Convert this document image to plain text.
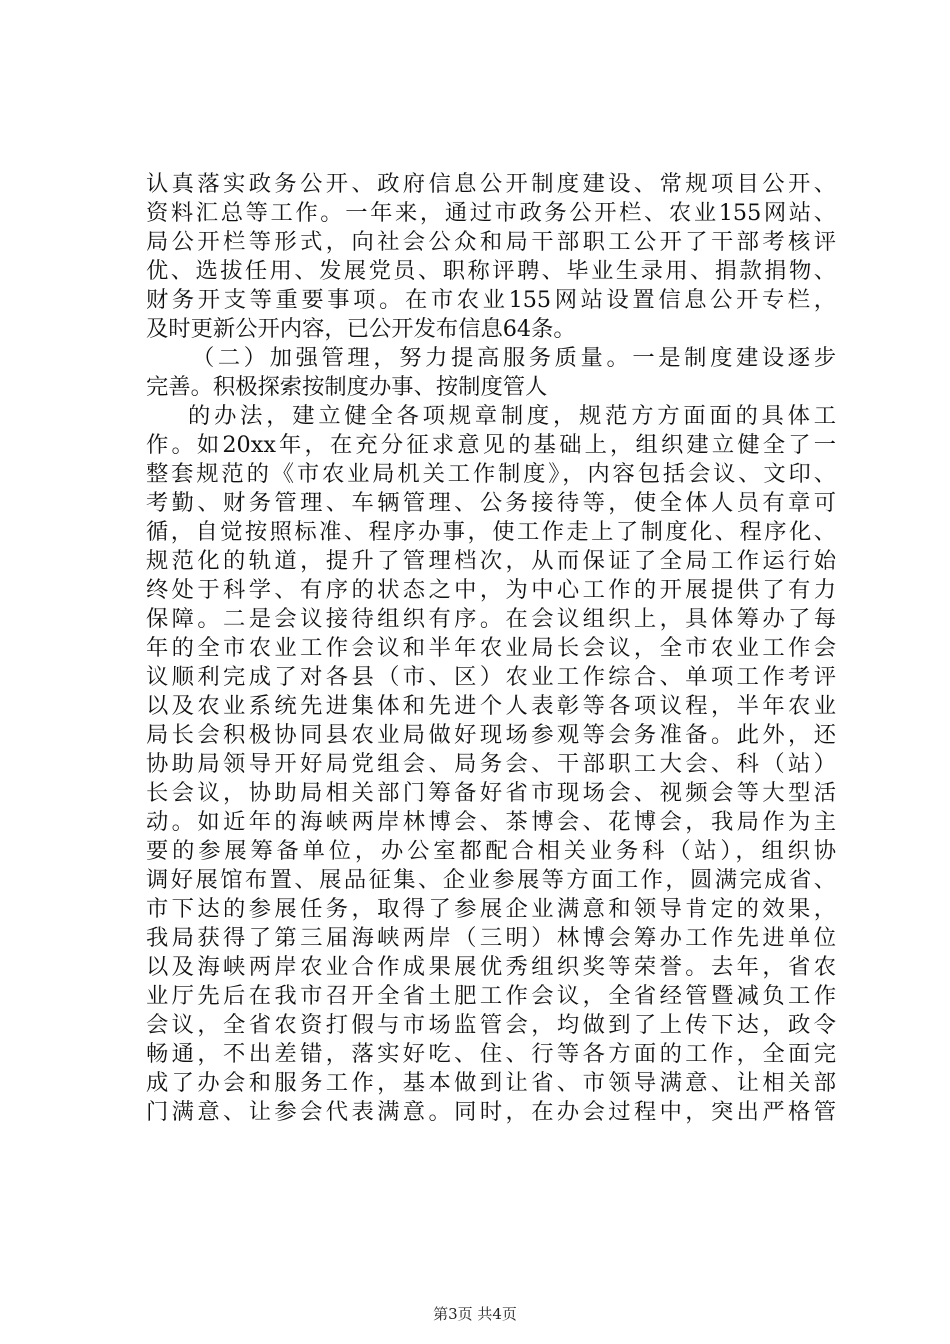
认真落实政务公开、政府信息公开制度建设、常规项目公开、
资料汇总等工作。一年来，通过市政务公开栏、农业155网站、
局公开栏等形式，向社会公众和局干部职工公开了干部考核评
优、选拔任用、发展党员、职称评聘、毕业生录用、捐款捐物、
财务开支等重要事项。在市农业155网站设置信息公开专栏，
及时更新公开内容，已公开发布信息64条。
（二）加强管理，努力提高服务质量。一是制度建设逐步
完善。积极探索按制度办事、按制度管人
的办法，建立健全各项规章制度，规范方方面面的具体工
作。如20xx年，在充分征求意见的基础上，组织建立健全了一
整套规范的《市农业局机关工作制度》，内容包括会议、文印、
考勤、财务管理、车辆管理、公务接待等，使全体人员有章可
循，自觉按照标准、程序办事，使工作走上了制度化、程序化、
规范化的轨道，提升了管理档次，从而保证了全局工作运行始
终处于科学、有序的状态之中，为中心工作的开展提供了有力
保障。二是会议接待组织有序。在会议组织上，具体筹办了每
年的全市农业工作会议和半年农业局长会议，全市农业工作会
议顺利完成了对各县（市、区）农业工作综合、单项工作考评
以及农业系统先进集体和先进个人表彰等各项议程，半年农业
局长会积极协同县农业局做好现场参观等会务准备。此外，还
协助局领导开好局党组会、局务会、干部职工大会、科（站）
长会议，协助局相关部门筹备好省市现场会、视频会等大型活
动。如近年的海峡两岸林博会、茶博会、花博会，我局作为主
要的参展筹备单位，办公室都配合相关业务科（站），组织协
调好展馆布置、展品征集、企业参展等方面工作，圆满完成省、
市下达的参展任务，取得了参展企业满意和领导肯定的效果，
我局获得了第三届海峡两岸（三明）林博会筹办工作先进单位
以及海峡两岸农业合作成果展优秀组织奖等荣誉。去年，省农
业厅先后在我市召开全省土肥工作会议，全省经管暨减负工作
会议，全省农资打假与市场监管会，均做到了上传下达，政令
畅通，不出差错，落实好吃、住、行等各方面的工作，全面完
成了办会和服务工作，基本做到让省、市领导满意、让相关部
门满意、让参会代表满意。同时，在办会过程中，突出严格管
第3页 共4页
